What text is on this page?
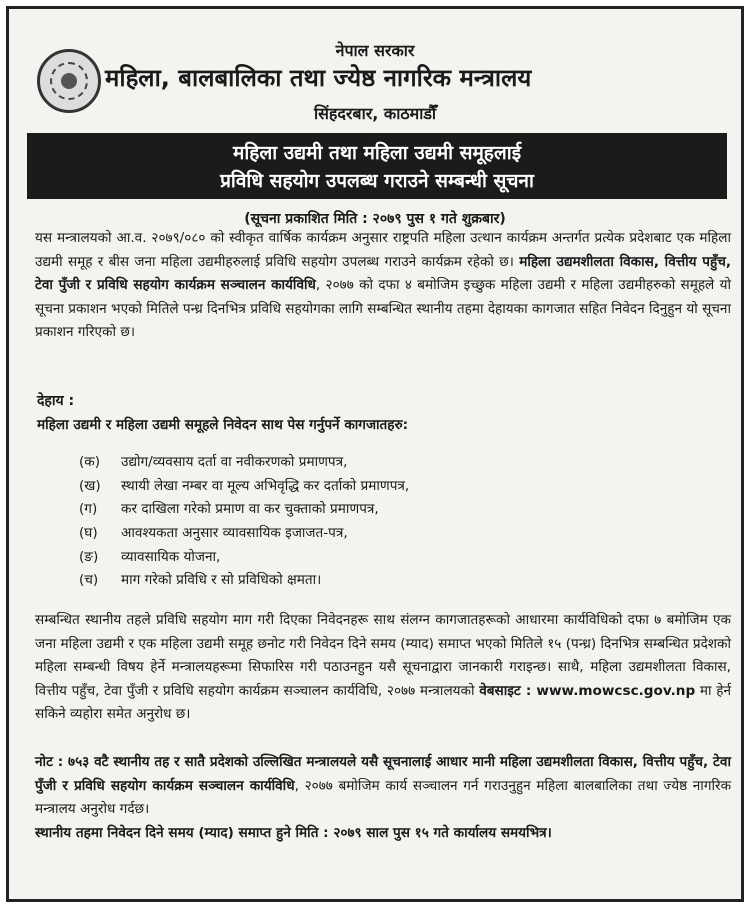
नेपाल सरकार
महिला, बालबालिका तथा ज्येष्ठ नागरिक मन्त्रालय
सिंहदरबार, काठमाडौँ
महिला उद्यमी तथा महिला उद्यमी समूहलाई
प्रविधि सहयोग उपलब्ध गराउने सम्बन्धी सूचना
(सूचना प्रकाशित मिति : २०७९ पुस १ गते शुक्रबार)
यस मन्त्रालयको आ.व. २०७९/०८० को स्वीकृत वार्षिक कार्यक्रम अनुसार राष्ट्रपति महिला उत्थान कार्यक्रम अन्तर्गत प्रत्येक प्रदेशबाट एक महिला उद्यमी समूह र बीस जना महिला उद्यमीहरुलाई प्रविधि सहयोग उपलब्ध गराउने कार्यक्रम रहेको छ। महिला उद्यमशीलता विकास, वित्तीय पहुँच, टेवा पुँजी र प्रविधि सहयोग कार्यक्रम सञ्चालन कार्यविधि, २०७७ को दफा ४ बमोजिम इच्छुक महिला उद्यमी र महिला उद्यमीहरुको समूहले यो सूचना प्रकाशन भएको मितिले पन्ध्र दिनभित्र प्रविधि सहयोगका लागि सम्बन्धित स्थानीय तहमा देहायका कागजात सहित निवेदन दिनुहुन यो सूचना प्रकाशन गरिएको छ।
देहाय :
महिला उद्यमी र महिला उद्यमी समूहले निवेदन साथ पेस गर्नुपर्ने कागजातहरु:
(क) उद्योग/व्यवसाय दर्ता वा नवीकरणको प्रमाणपत्र,
(ख) स्थायी लेखा नम्बर वा मूल्य अभिवृद्धि कर दर्ताको प्रमाणपत्र,
(ग) कर दाखिला गरेको प्रमाण वा कर चुक्ताको प्रमाणपत्र,
(घ) आवश्यकता अनुसार व्यावसायिक इजाजत-पत्र,
(ङ) व्यावसायिक योजना,
(च) माग गरेको प्रविधि र सो प्रविधिको क्षमता।
सम्बन्धित स्थानीय तहले प्रविधि सहयोग माग गरी दिएका निवेदनहरू साथ संलग्न कागजातहरूको आधारमा कार्यविधिको दफा ७ बमोजिम एक जना महिला उद्यमी र एक महिला उद्यमी समूह छनोट गरी निवेदन दिने समय (म्याद) समाप्त भएको मितिले १५ (पन्ध्र) दिनभित्र सम्बन्धित प्रदेशको महिला सम्बन्धी विषय हेर्ने मन्त्रालयहरूमा सिफारिस गरी पठाउनहुन यसै सूचनाद्वारा जानकारी गराइन्छ। साथै, महिला उद्यमशीलता विकास, वित्तीय पहुँच, टेवा पुँजी र प्रविधि सहयोग कार्यक्रम सञ्चालन कार्यविधि, २०७७ मन्त्रालयको वेबसाइट : www.mowcsc.gov.np मा हेर्न सकिने व्यहोरा समेत अनुरोध छ।
नोट : ७५३ वटै स्थानीय तह र सातै प्रदेशको उल्लिखित मन्त्रालयले यसै सूचनालाई आधार मानी महिला उद्यमशीलता विकास, वित्तीय पहुँच, टेवा पुँजी र प्रविधि सहयोग कार्यक्रम सञ्चालन कार्यविधि, २०७७ बमोजिम कार्य सञ्चालन गर्न गराउनुहुन महिला बालबालिका तथा ज्येष्ठ नागरिक मन्त्रालय अनुरोध गर्दछ।
स्थानीय तहमा निवेदन दिने समय (म्याद) समाप्त हुने मिति : २०७९ साल पुस १५ गते कार्यालय समयभित्र।
